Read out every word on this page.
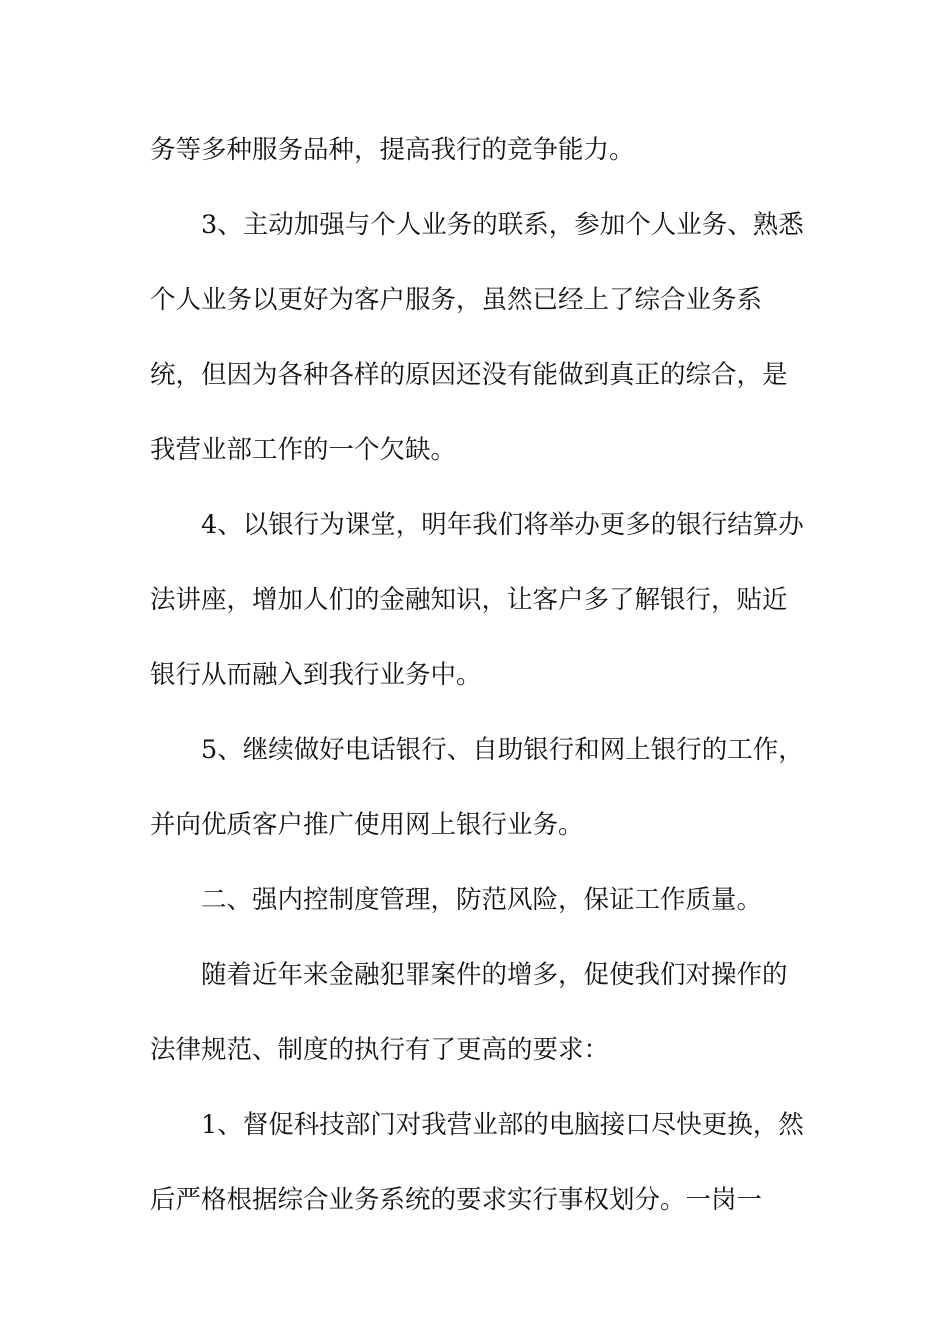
务等多种服务品种，提高我行的竞争能力。

3、主动加强与个人业务的联系，参加个人业务、熟悉

个人业务以更好为客户服务，虽然已经上了综合业务系

统，但因为各种各样的原因还没有能做到真正的综合，是

我营业部工作的一个欠缺。

4、以银行为课堂，明年我们将举办更多的银行结算办

法讲座，增加人们的金融知识，让客户多了解银行，贴近

银行从而融入到我行业务中。

5、继续做好电话银行、自助银行和网上银行的工作，

并向优质客户推广使用网上银行业务。

二、强内控制度管理，防范风险，保证工作质量。

随着近年来金融犯罪案件的增多，促使我们对操作的

法律规范、制度的执行有了更高的要求：

1、督促科技部门对我营业部的电脑接口尽快更换，然

后严格根据综合业务系统的要求实行事权划分。一岗一
